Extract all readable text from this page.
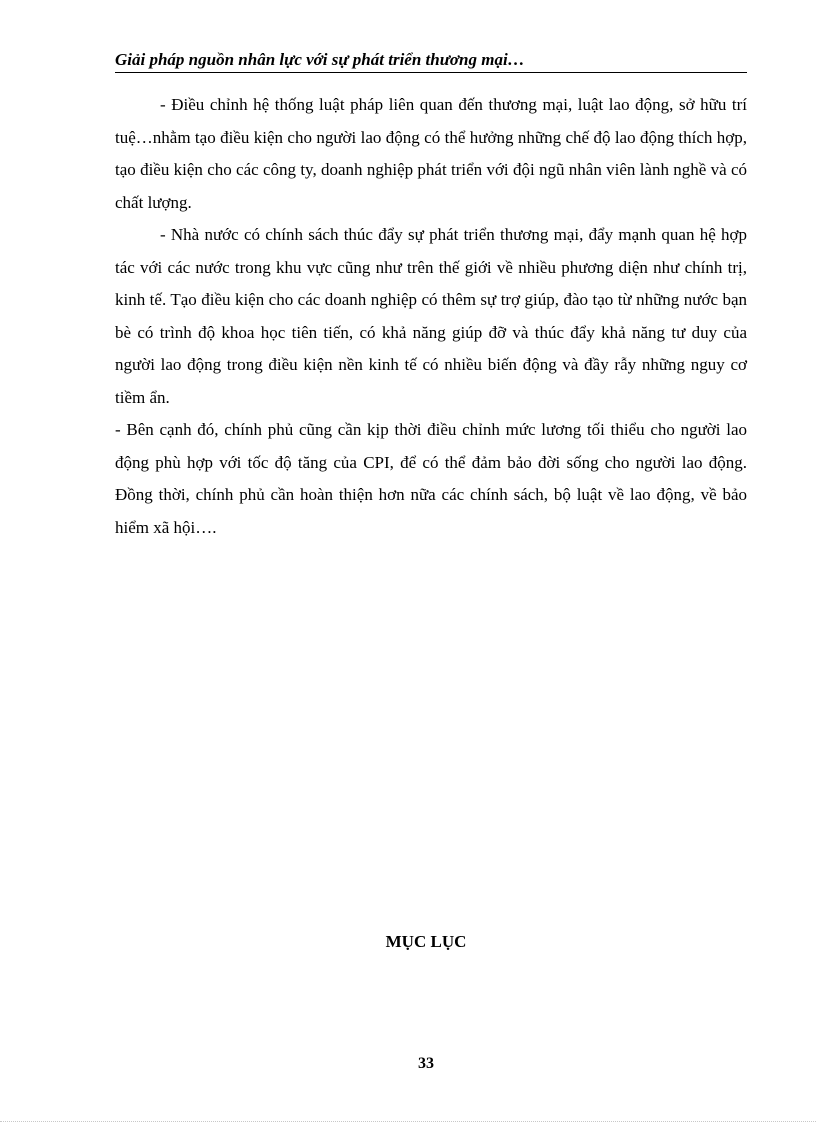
Giải pháp nguồn nhân lực với sự phát triển thương mại…

- Điều chỉnh hệ thống luật pháp liên quan đến thương mại, luật lao động, sở hữu trí tuệ…nhằm tạo điều kiện cho người lao động có thể hưởng những chế độ lao động thích hợp, tạo điều kiện cho các công ty, doanh nghiệp phát triển với đội ngũ nhân viên lành nghề và có chất lượng.

- Nhà nước có chính sách thúc đẩy sự phát triển thương mại, đẩy mạnh quan hệ hợp tác với các nước trong khu vực cũng như trên thế giới về nhiều phương diện như chính trị, kinh tế. Tạo điều kiện cho các doanh nghiệp có thêm sự trợ giúp, đào tạo từ những nước bạn bè có trình độ khoa học tiên tiến, có khả năng giúp đỡ và thúc đẩy khả năng tư duy của người lao động trong điều kiện nền kinh tế có nhiều biến động và đầy rẫy những nguy cơ tiềm ẩn.

- Bên cạnh đó, chính phủ cũng cần kịp thời điều chỉnh mức lương tối thiểu cho người lao động phù hợp với tốc độ tăng của CPI, để có thể đảm bảo đời sống cho người lao động. Đồng thời, chính phủ cần hoàn thiện hơn nữa các chính sách, bộ luật về lao động, về bảo hiểm xã hội….

MỤC LỤC
33
